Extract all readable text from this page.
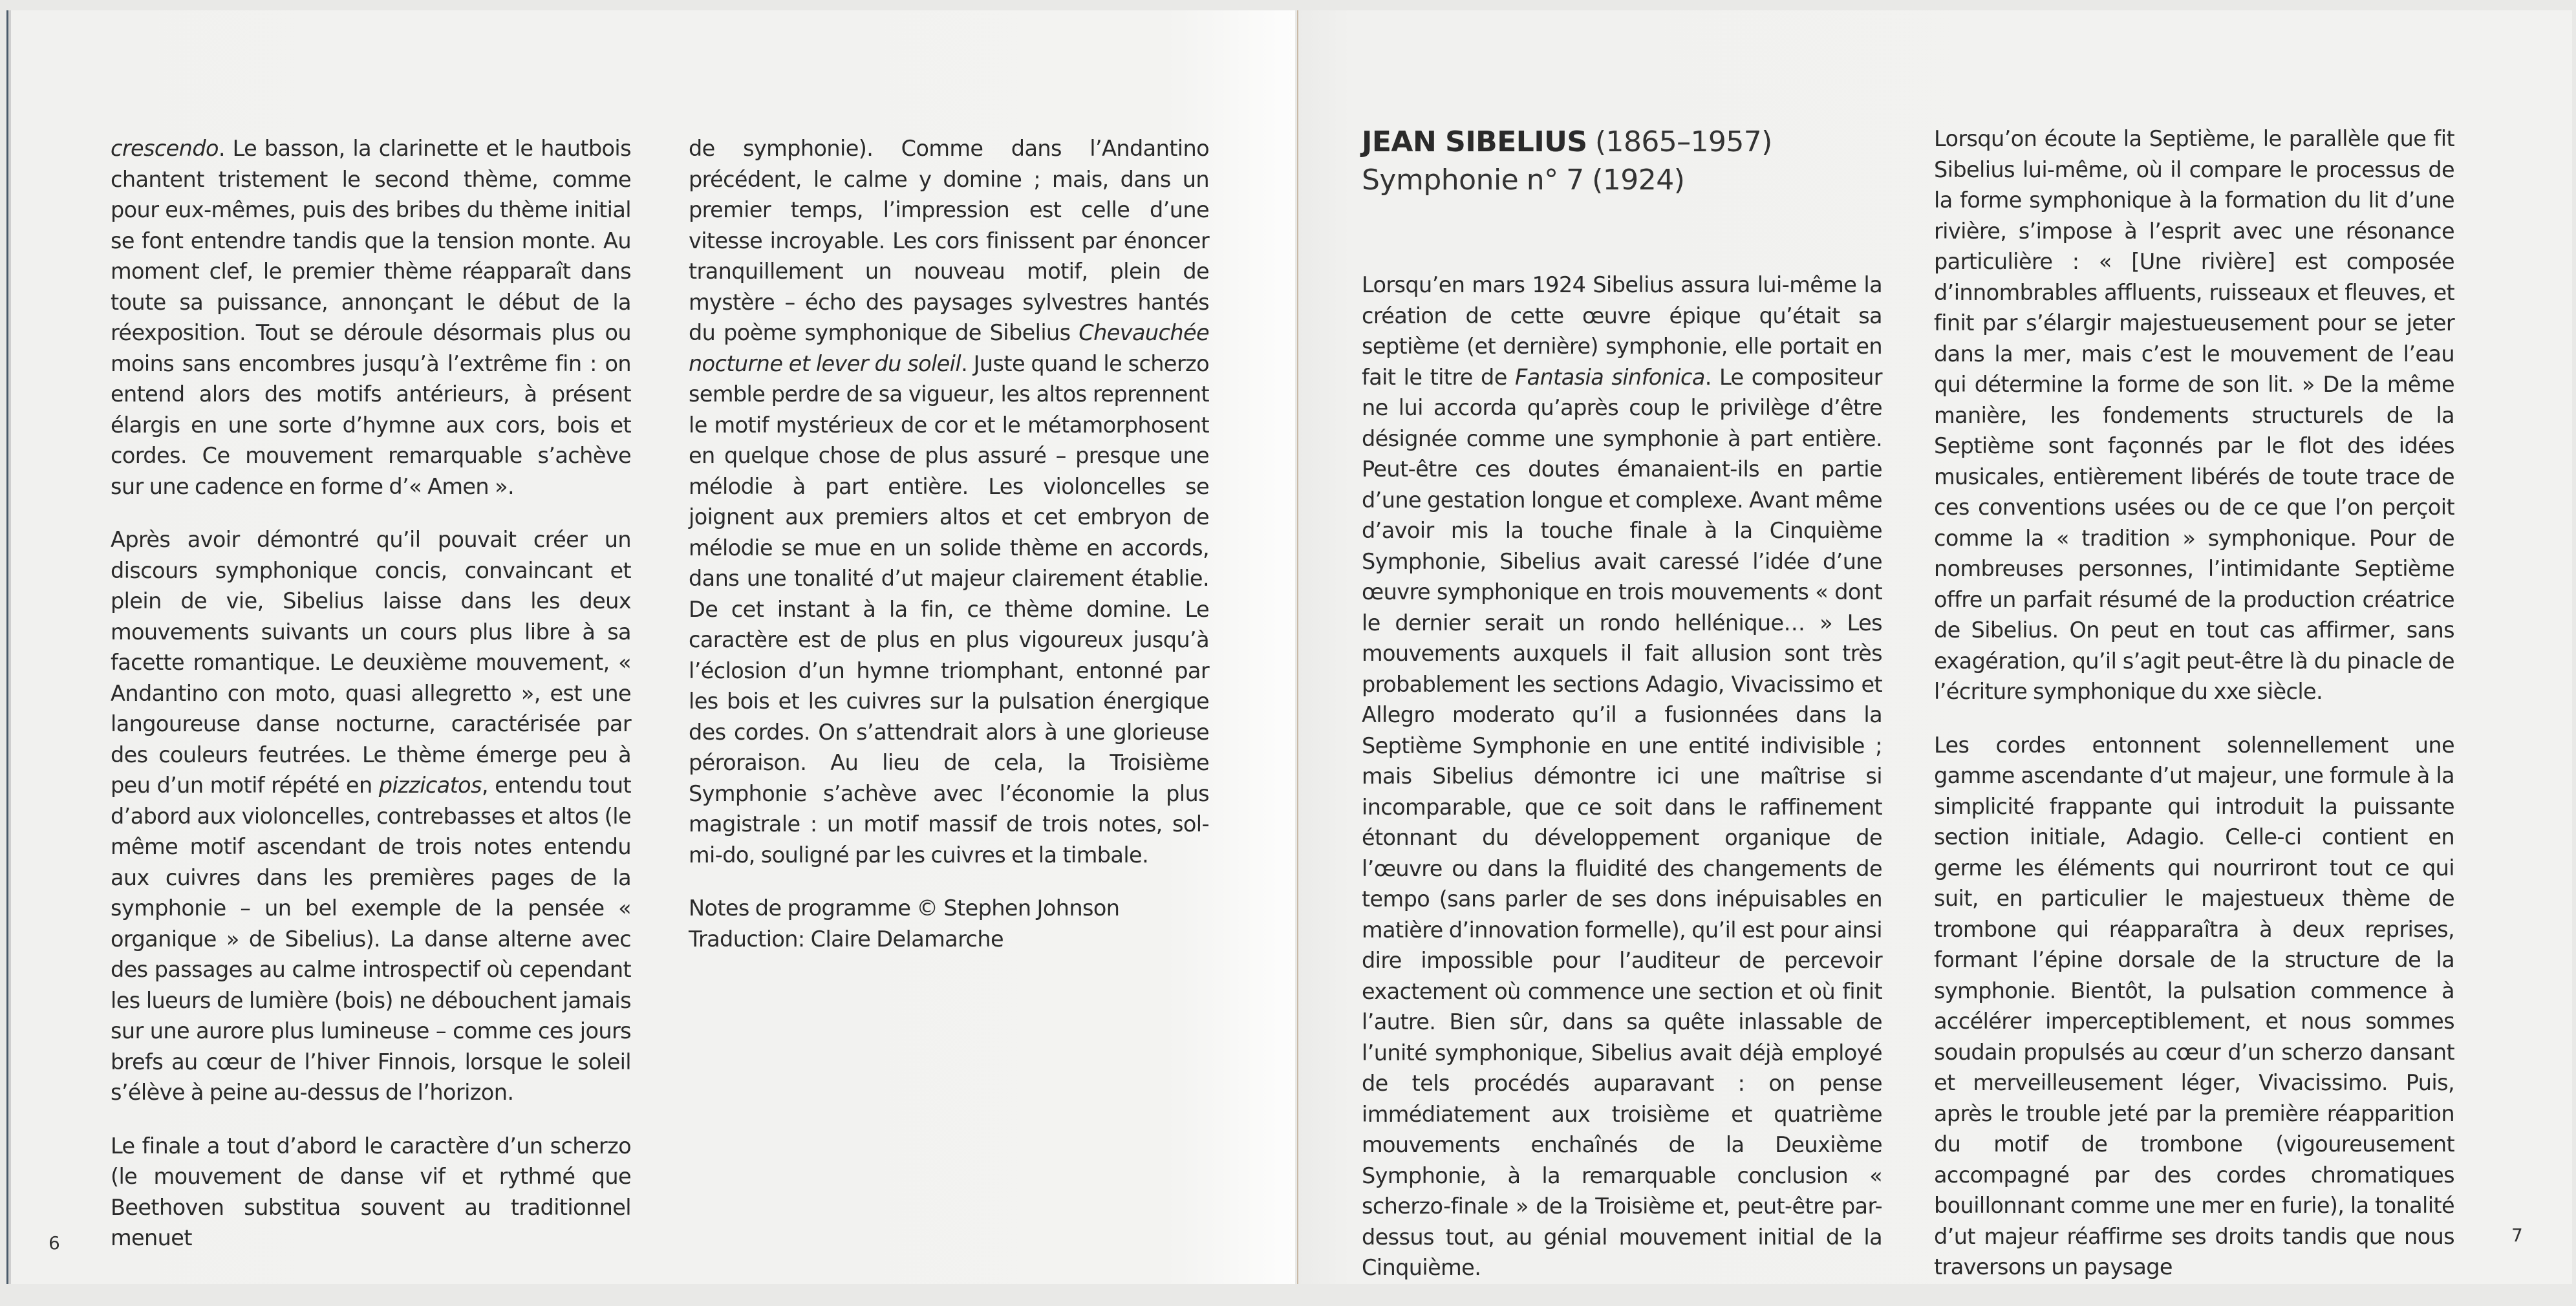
crescendo. Le basson, la clarinette et le hautbois chantent tristement le second thème, comme pour eux-mêmes, puis des bribes du thème initial se font entendre tandis que la tension monte. Au moment clef, le premier thème réapparaît dans toute sa puissance, annonçant le début de la réexposition. Tout se déroule désormais plus ou moins sans encombres jusqu’à l’extrême fin : on entend alors des motifs antérieurs, à présent élargis en une sorte d’hymne aux cors, bois et cordes. Ce mouvement remarquable s’achève sur une cadence en forme d’« Amen ».

Après avoir démontré qu’il pouvait créer un discours symphonique concis, convaincant et plein de vie, Sibelius laisse dans les deux mouvements suivants un cours plus libre à sa facette romantique. Le deuxième mouvement, « Andantino con moto, quasi allegretto », est une langoureuse danse nocturne, caractérisée par des couleurs feutrées. Le thème émerge peu à peu d’un motif répété en pizzicatos, entendu tout d’abord aux violoncelles, contrebasses et altos (le même motif ascendant de trois notes entendu aux cuivres dans les premières pages de la symphonie – un bel exemple de la pensée « organique » de Sibelius). La danse alterne avec des passages au calme introspectif où cependant les lueurs de lumière (bois) ne débouchent jamais sur une aurore plus lumineuse – comme ces jours brefs au cœur de l’hiver Finnois, lorsque le soleil s’élève à peine au-dessus de l’horizon.

Le finale a tout d’abord le caractère d’un scherzo (le mouvement de danse vif et rythmé que Beethoven substitua souvent au traditionnel menuet

de symphonie). Comme dans l’Andantino précédent, le calme y domine ; mais, dans un premier temps, l’impression est celle d’une vitesse incroyable. Les cors finissent par énoncer tranquillement un nouveau motif, plein de mystère – écho des paysages sylvestres hantés du poème symphonique de Sibelius Chevauchée nocturne et lever du soleil. Juste quand le scherzo semble perdre de sa vigueur, les altos reprennent le motif mystérieux de cor et le métamorphosent en quelque chose de plus assuré – presque une mélodie à part entière. Les violoncelles se joignent aux premiers altos et cet embryon de mélodie se mue en un solide thème en accords, dans une tonalité d’ut majeur clairement établie. De cet instant à la fin, ce thème domine. Le caractère est de plus en plus vigoureux jusqu’à l’éclosion d’un hymne triomphant, entonné par les bois et les cuivres sur la pulsation énergique des cordes. On s’attendrait alors à une glorieuse péroraison. Au lieu de cela, la Troisième Symphonie s’achève avec l’économie la plus magistrale : un motif massif de trois notes, sol-mi-do, souligné par les cuivres et la timbale.

Notes de programme © Stephen Johnson
Traduction: Claire Delamarche
6
JEAN SIBELIUS (1865–1957)
Symphonie n° 7 (1924)

Lorsqu’en mars 1924 Sibelius assura lui-même la création de cette œuvre épique qu’était sa septième (et dernière) symphonie, elle portait en fait le titre de Fantasia sinfonica. Le compositeur ne lui accorda qu’après coup le privilège d’être désignée comme une symphonie à part entière. Peut-être ces doutes émanaient-ils en partie d’une gestation longue et complexe. Avant même d’avoir mis la touche finale à la Cinquième Symphonie, Sibelius avait caressé l’idée d’une œuvre symphonique en trois mouvements « dont le dernier serait un rondo hellénique… » Les mouvements auxquels il fait allusion sont très probablement les sections Adagio, Vivacissimo et Allegro moderato qu’il a fusionnées dans la Septième Symphonie en une entité indivisible ; mais Sibelius démontre ici une maîtrise si incomparable, que ce soit dans le raffinement étonnant du développement organique de l’œuvre ou dans la fluidité des changements de tempo (sans parler de ses dons inépuisables en matière d’innovation formelle), qu’il est pour ainsi dire impossible pour l’auditeur de percevoir exactement où commence une section et où finit l’autre. Bien sûr, dans sa quête inlassable de l’unité symphonique, Sibelius avait déjà employé de tels procédés auparavant : on pense immédiatement aux troisième et quatrième mouvements enchaînés de la Deuxième Symphonie, à la remarquable conclusion « scherzo-finale » de la Troisième et, peut-être par-dessus tout, au génial mouvement initial de la Cinquième.

Lorsqu’on écoute la Septième, le parallèle que fit Sibelius lui-même, où il compare le processus de la forme symphonique à la formation du lit d’une rivière, s’impose à l’esprit avec une résonance particulière : « [Une rivière] est composée d’innombrables affluents, ruisseaux et fleuves, et finit par s’élargir majestueusement pour se jeter dans la mer, mais c’est le mouvement de l’eau qui détermine la forme de son lit. » De la même manière, les fondements structurels de la Septième sont façonnés par le flot des idées musicales, entièrement libérés de toute trace de ces conventions usées ou de ce que l’on perçoit comme la « tradition » symphonique. Pour de nombreuses personnes, l’intimidante Septième offre un parfait résumé de la production créatrice de Sibelius. On peut en tout cas affirmer, sans exagération, qu’il s’agit peut-être là du pinacle de l’écriture symphonique du xxe siècle.

Les cordes entonnent solennellement une gamme ascendante d’ut majeur, une formule à la simplicité frappante qui introduit la puissante section initiale, Adagio. Celle-ci contient en germe les éléments qui nourriront tout ce qui suit, en particulier le majestueux thème de trombone qui réapparaîtra à deux reprises, formant l’épine dorsale de la structure de la symphonie. Bientôt, la pulsation commence à accélérer imperceptiblement, et nous sommes soudain propulsés au cœur d’un scherzo dansant et merveilleusement léger, Vivacissimo. Puis, après le trouble jeté par la première réapparition du motif de trombone (vigoureusement accompagné par des cordes chromatiques bouillonnant comme une mer en furie), la tonalité d’ut majeur réaffirme ses droits tandis que nous traversons un paysage

7
